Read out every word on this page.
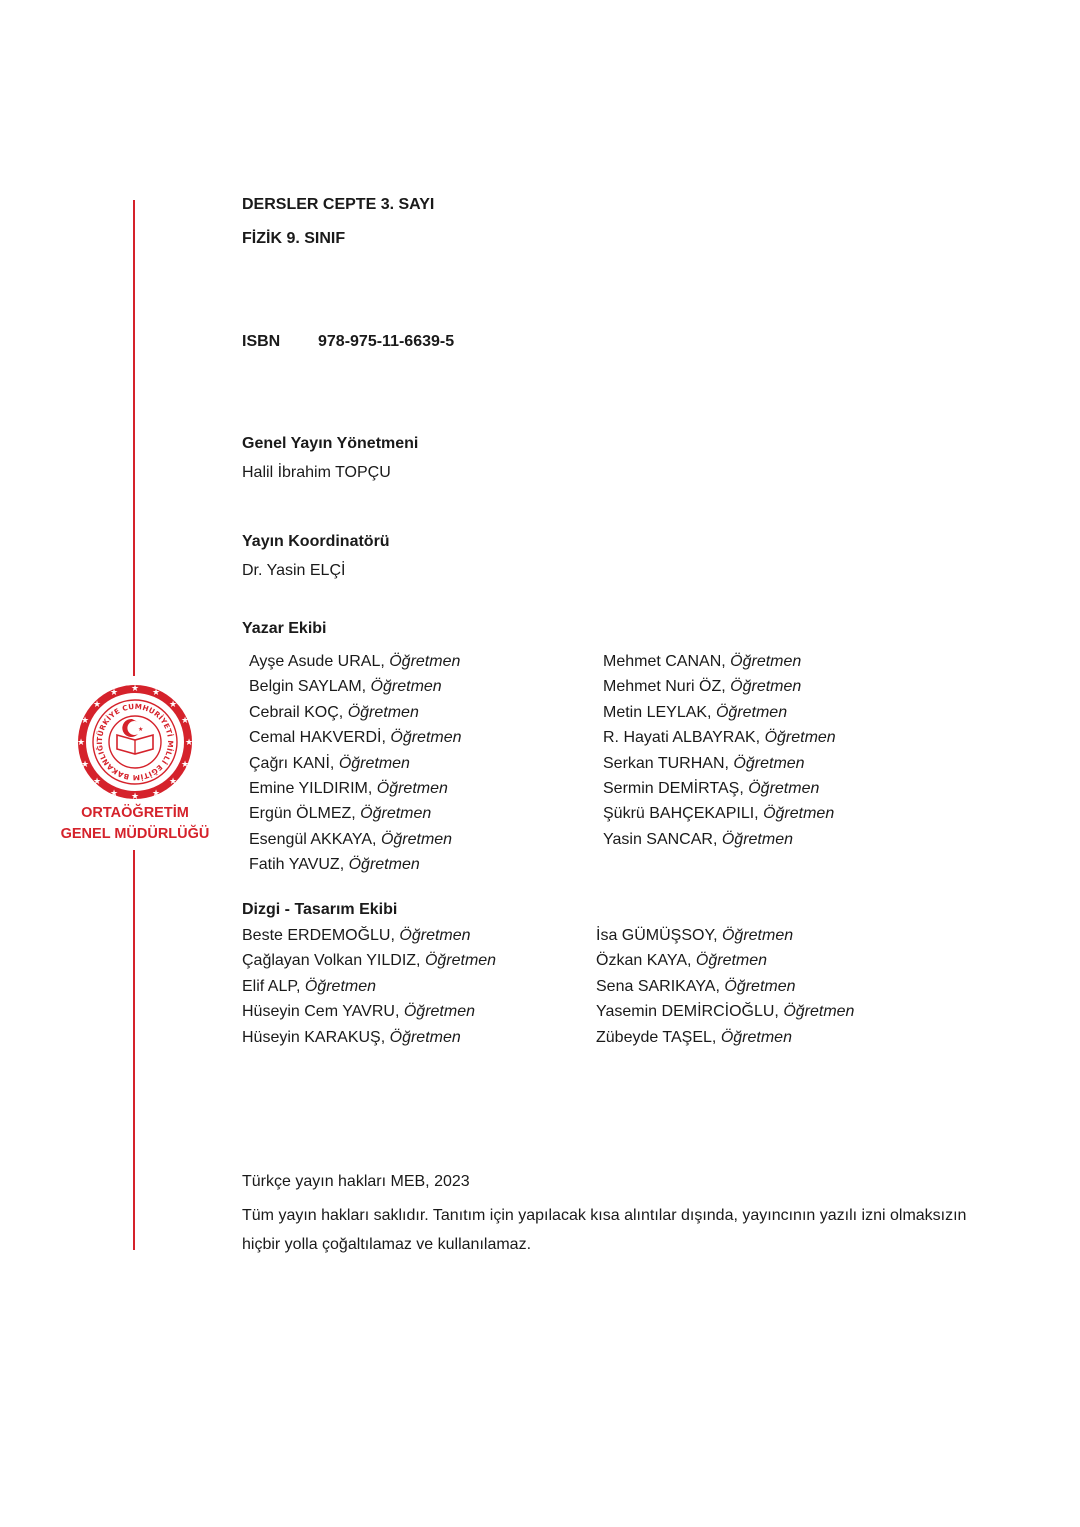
★
★
★	★
★	★
★	★
★	★
★	★
★	★
★	★
TÜRKİYE CUMHURİYETİ MİLLÎ EĞİTİM BAKANLIĞI
★
ORTAÖĞRETİM
GENEL MÜDÜRLÜĞÜ
DERSLER CEPTE 3. SAYI
FİZİK 9. SINIF
ISBN 978-975-11-6639-5
Genel Yayın Yönetmeni
Halil İbrahim TOPÇU
Yayın Koordinatörü
Dr. Yasin ELÇİ
Yazar Ekibi
Ayşe Asude URAL, Öğretmen
Belgin SAYLAM, Öğretmen
Cebrail KOÇ, Öğretmen
Cemal HAKVERDİ, Öğretmen
Çağrı KANİ, Öğretmen
Emine YILDIRIM, Öğretmen
Ergün ÖLMEZ, Öğretmen
Esengül AKKAYA, Öğretmen
Fatih YAVUZ, Öğretmen
Mehmet CANAN, Öğretmen
Mehmet Nuri ÖZ, Öğretmen
Metin LEYLAK, Öğretmen
R. Hayati ALBAYRAK, Öğretmen
Serkan TURHAN, Öğretmen
Sermin DEMİRTAŞ, Öğretmen
Şükrü BAHÇEKAPILI, Öğretmen
Yasin SANCAR, Öğretmen
Dizgi - Tasarım Ekibi
Beste ERDEMOĞLU, Öğretmen
Çağlayan Volkan YILDIZ, Öğretmen
Elif ALP, Öğretmen
Hüseyin Cem YAVRU, Öğretmen
Hüseyin KARAKUŞ, Öğretmen
İsa GÜMÜŞSOY, Öğretmen
Özkan KAYA, Öğretmen
Sena SARIKAYA, Öğretmen
Yasemin DEMİRCİOĞLU, Öğretmen
Zübeyde TAŞEL, Öğretmen
Türkçe yayın hakları MEB, 2023
Tüm yayın hakları saklıdır. Tanıtım için yapılacak kısa alıntılar dışında, yayıncının yazılı izni olmaksızın
hiçbir yolla çoğaltılamaz ve kullanılamaz.
